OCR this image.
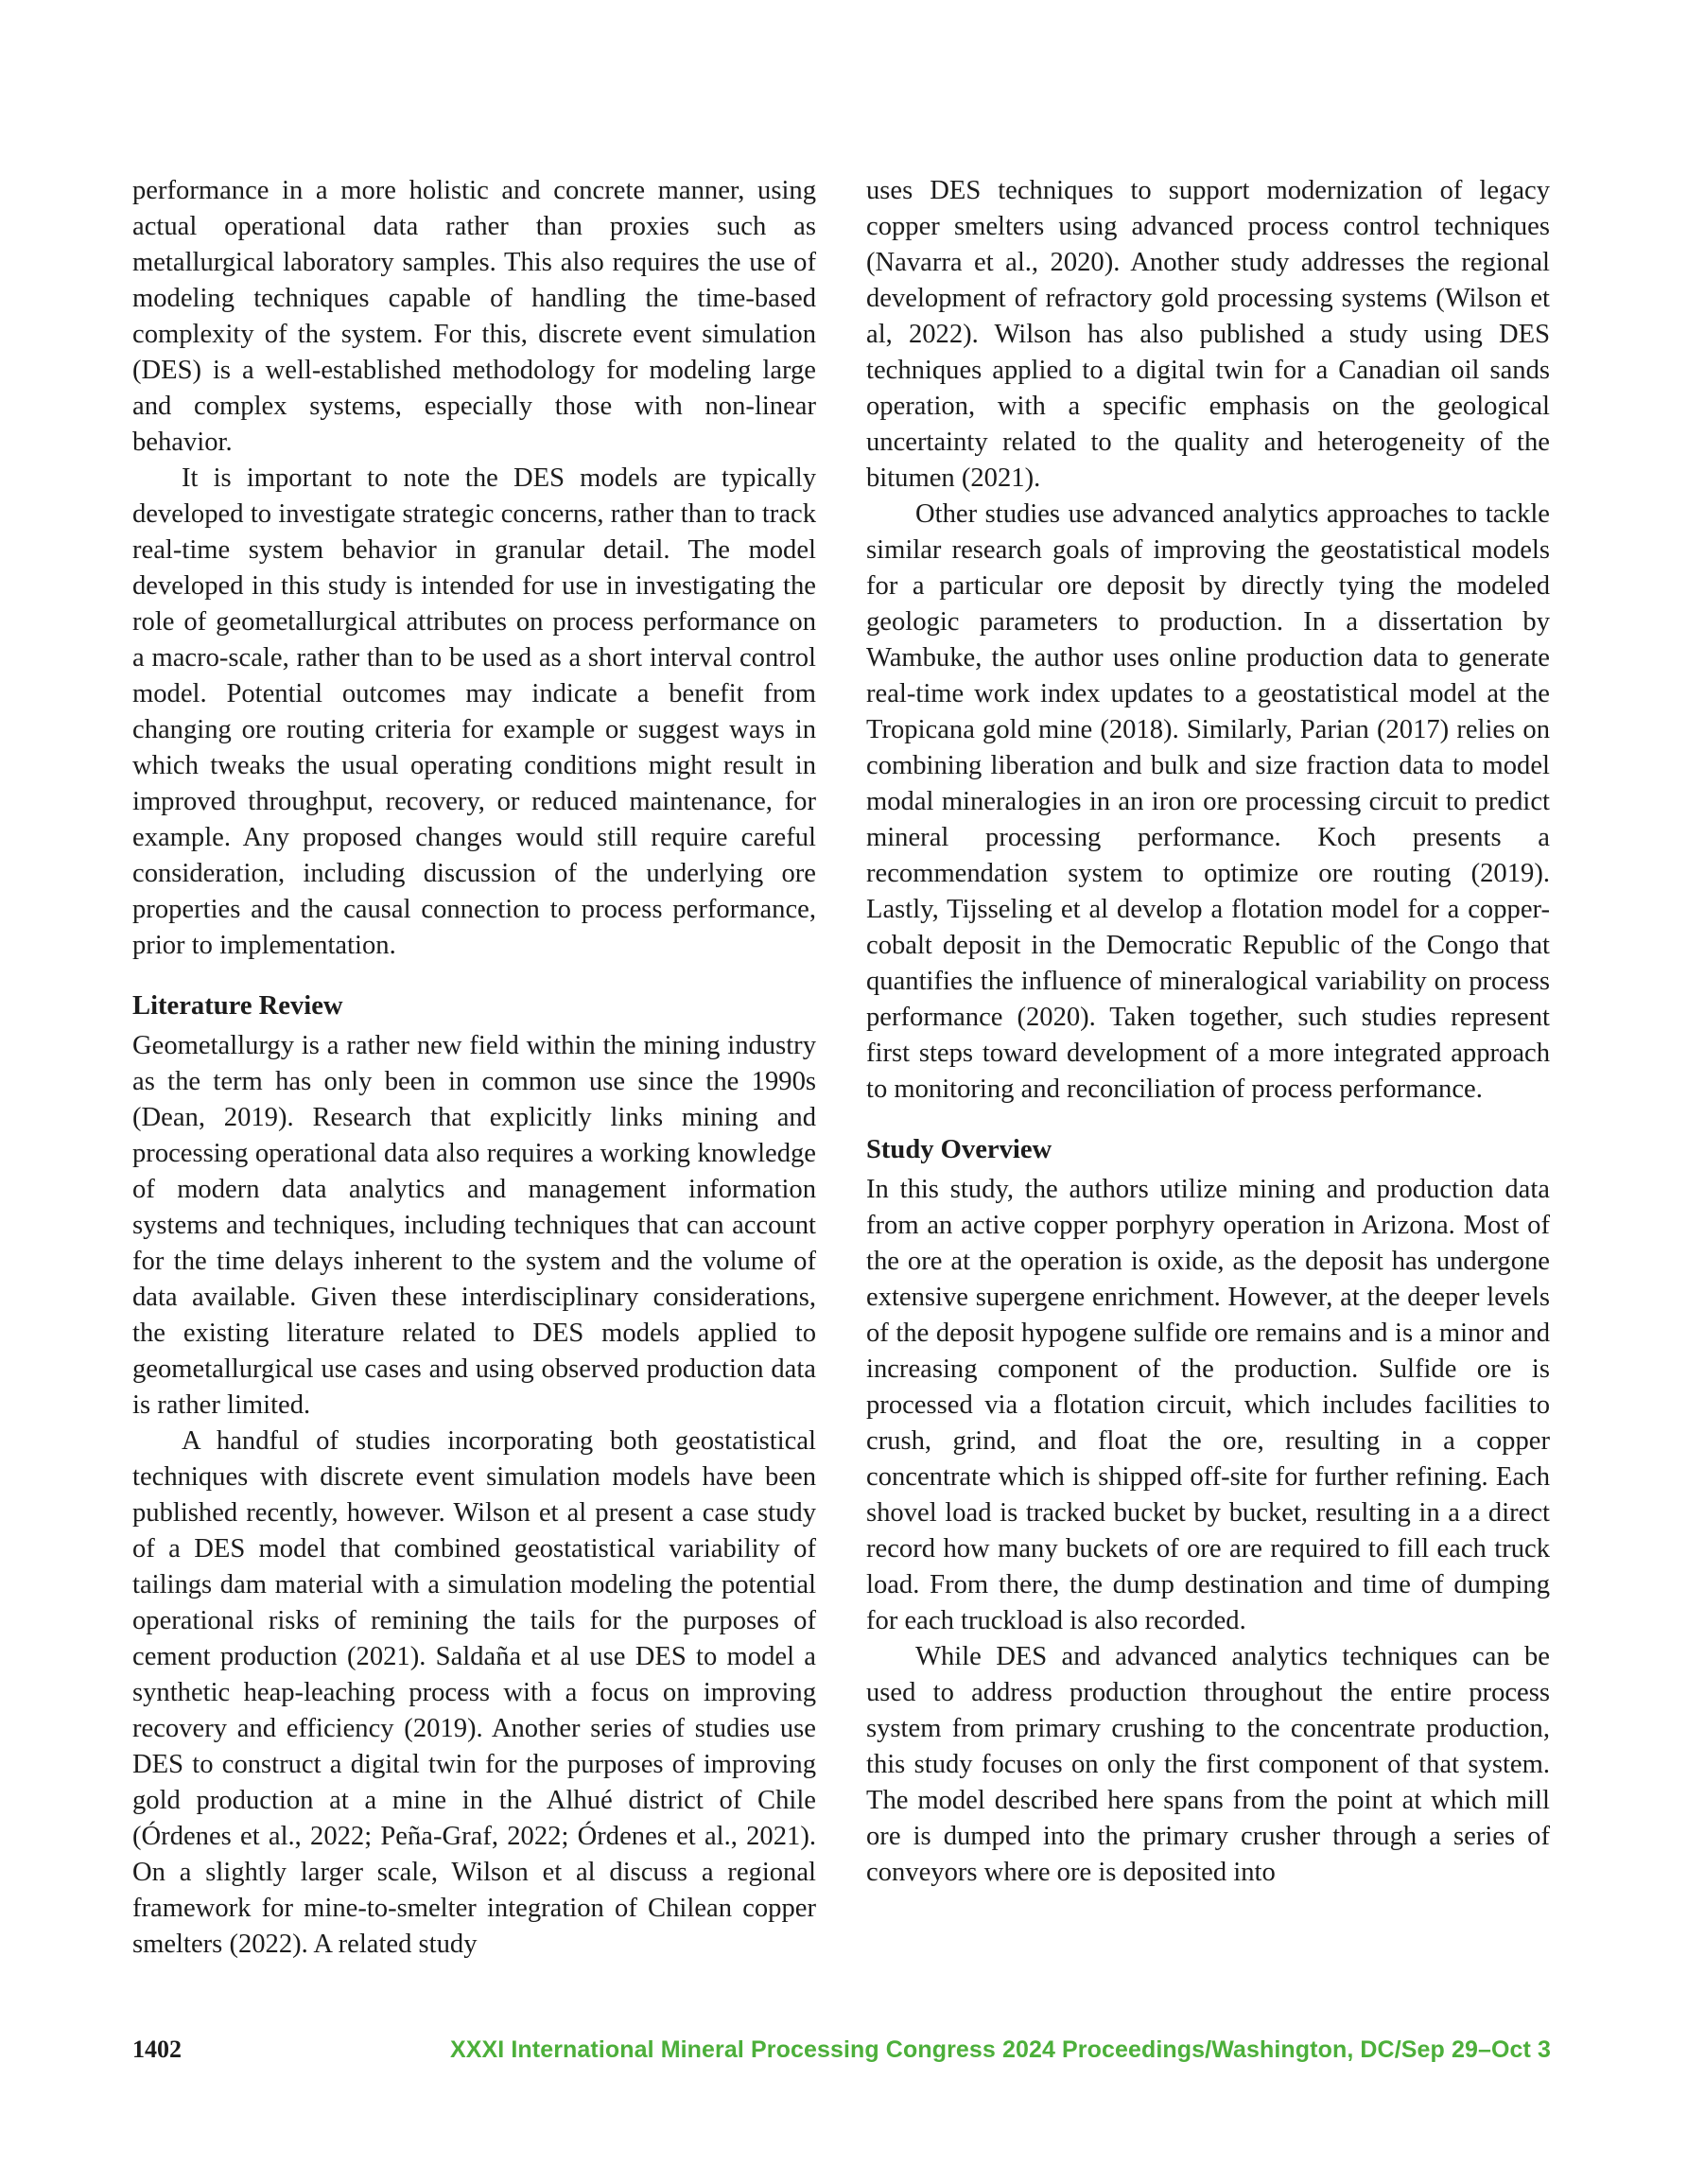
performance in a more holistic and concrete manner, using actual operational data rather than proxies such as metallurgical laboratory samples. This also requires the use of modeling techniques capable of handling the time-based complexity of the system. For this, discrete event simulation (DES) is a well-established methodology for modeling large and complex systems, especially those with non-linear behavior.

It is important to note the DES models are typically developed to investigate strategic concerns, rather than to track real-time system behavior in granular detail. The model developed in this study is intended for use in investigating the role of geometallurgical attributes on process performance on a macro-scale, rather than to be used as a short interval control model. Potential outcomes may indicate a benefit from changing ore routing criteria for example or suggest ways in which tweaks the usual operating conditions might result in improved throughput, recovery, or reduced maintenance, for example. Any proposed changes would still require careful consideration, including discussion of the underlying ore properties and the causal connection to process performance, prior to implementation.

Literature Review

Geometallurgy is a rather new field within the mining industry as the term has only been in common use since the 1990s (Dean, 2019). Research that explicitly links mining and processing operational data also requires a working knowledge of modern data analytics and management information systems and techniques, including techniques that can account for the time delays inherent to the system and the volume of data available. Given these interdisciplinary considerations, the existing literature related to DES models applied to geometallurgical use cases and using observed production data is rather limited.

A handful of studies incorporating both geostatistical techniques with discrete event simulation models have been published recently, however. Wilson et al present a case study of a DES model that combined geostatistical variability of tailings dam material with a simulation modeling the potential operational risks of remining the tails for the purposes of cement production (2021). Saldaña et al use DES to model a synthetic heap-leaching process with a focus on improving recovery and efficiency (2019). Another series of studies use DES to construct a digital twin for the purposes of improving gold production at a mine in the Alhué district of Chile (Órdenes et al., 2022; Peña-Graf, 2022; Órdenes et al., 2021). On a slightly larger scale, Wilson et al discuss a regional framework for mine-to-smelter integration of Chilean copper smelters (2022). A related study

uses DES techniques to support modernization of legacy copper smelters using advanced process control techniques (Navarra et al., 2020). Another study addresses the regional development of refractory gold processing systems (Wilson et al, 2022). Wilson has also published a study using DES techniques applied to a digital twin for a Canadian oil sands operation, with a specific emphasis on the geological uncertainty related to the quality and heterogeneity of the bitumen (2021).

Other studies use advanced analytics approaches to tackle similar research goals of improving the geostatistical models for a particular ore deposit by directly tying the modeled geologic parameters to production. In a dissertation by Wambuke, the author uses online production data to generate real-time work index updates to a geostatistical model at the Tropicana gold mine (2018). Similarly, Parian (2017) relies on combining liberation and bulk and size fraction data to model modal mineralogies in an iron ore processing circuit to predict mineral processing performance. Koch presents a recommendation system to optimize ore routing (2019). Lastly, Tijsseling et al develop a flotation model for a copper-cobalt deposit in the Democratic Republic of the Congo that quantifies the influence of mineralogical variability on process performance (2020). Taken together, such studies represent first steps toward development of a more integrated approach to monitoring and reconciliation of process performance.

Study Overview

In this study, the authors utilize mining and production data from an active copper porphyry operation in Arizona. Most of the ore at the operation is oxide, as the deposit has undergone extensive supergene enrichment. However, at the deeper levels of the deposit hypogene sulfide ore remains and is a minor and increasing component of the production. Sulfide ore is processed via a flotation circuit, which includes facilities to crush, grind, and float the ore, resulting in a copper concentrate which is shipped off-site for further refining. Each shovel load is tracked bucket by bucket, resulting in a a direct record how many buckets of ore are required to fill each truck load. From there, the dump destination and time of dumping for each truckload is also recorded.

While DES and advanced analytics techniques can be used to address production throughout the entire process system from primary crushing to the concentrate production, this study focuses on only the first component of that system. The model described here spans from the point at which mill ore is dumped into the primary crusher through a series of conveyors where ore is deposited into

1402	XXXI International Mineral Processing Congress 2024 Proceedings/Washington, DC/Sep 29–Oct 3
